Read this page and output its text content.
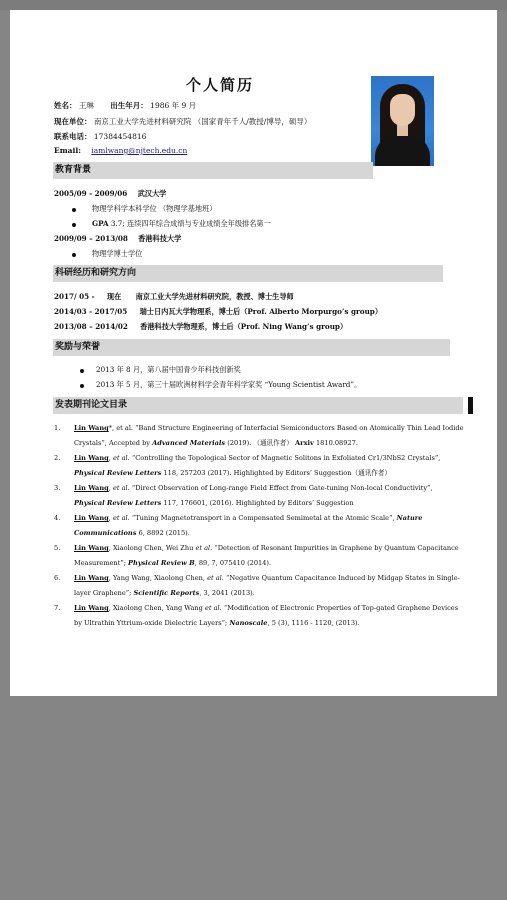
个人简历
姓名： 王琳 出生年月： 1986 年 9 月
现在单位： 南京工业大学先进材料研究院 （国家青年千人/教授/博导，硕导）
联系电话： 17384454816
Email: iamlwang@njtech.edu.cn
教育背景
2005/09 - 2009/06 武汉大学
物理学科学本科学位 （物理学基地班）
GPA 3.7; 连续四年综合成绩与专业成绩全年级排名第一
2009/09 – 2013/08 香港科技大学
物理学博士学位
科研经历和研究方向
2017/ 05 - 现在 南京工业大学先进材料研究院，教授、博士生导师
2014/03 - 2017/05 瑞士日内瓦大学物理系，博士后（Prof. Alberto Morpurgo’s group）
2013/08 – 2014/02 香港科技大学物理系，博士后（Prof. Ning Wang’s group）
奖励与荣誉
2013 年 8 月，第八届中国青少年科技创新奖
2013 年 5 月，第三十届欧洲材料学会青年科学家奖 “Young Scientist Award”。
发表期刊论文目录
1.	Lin Wang*, et al. “Band Structure Engineering of Interfacial Semiconductors Based on Atomically Thin Lead Iodide Crystals”, Accepted by Advanced Materials (2019). （通讯作者） Arxiv 1810.08927.
2.	Lin Wang, et al. “Controlling the Topological Sector of Magnetic Solitons in Exfoliated Cr1/3NbS2 Crystals”, Physical Review Letters 118, 257203 (2017). Highlighted by Editors’ Suggestion（通讯作者）
3.	Lin Wang, et al. “Direct Observation of Long-range Field Effect from Gate-tuning Non-local Conductivity”, Physical Review Letters 117, 176601, (2016). Highlighted by Editors’ Suggestion
4.	Lin Wang, et al. “Tuning Magnetotransport in a Compensated Semimetal at the Atomic Scale”, Nature Communications 6, 8892 (2015).
5.	Lin Wang, Xiaolong Chen, Wei Zhu et al. “Detection of Resonant Impurities in Graphene by Quantum Capacitance Measurement”; Physical Review B, 89, 7, 075410 (2014).
6.	Lin Wang, Yang Wang, Xiaolong Chen, et al. “Negative Quantum Capacitance Induced by Midgap States in Single-layer Graphene”; Scientific Reports, 3, 2041 (2013).
7.	Lin Wang, Xiaolong Chen, Yang Wang et al. “Modification of Electronic Properties of Top-gated Graphene Devices by Ultrathin Yttrium-oxide Dielectric Layers”; Nanoscale, 5 (3), 1116 - 1120, (2013).
